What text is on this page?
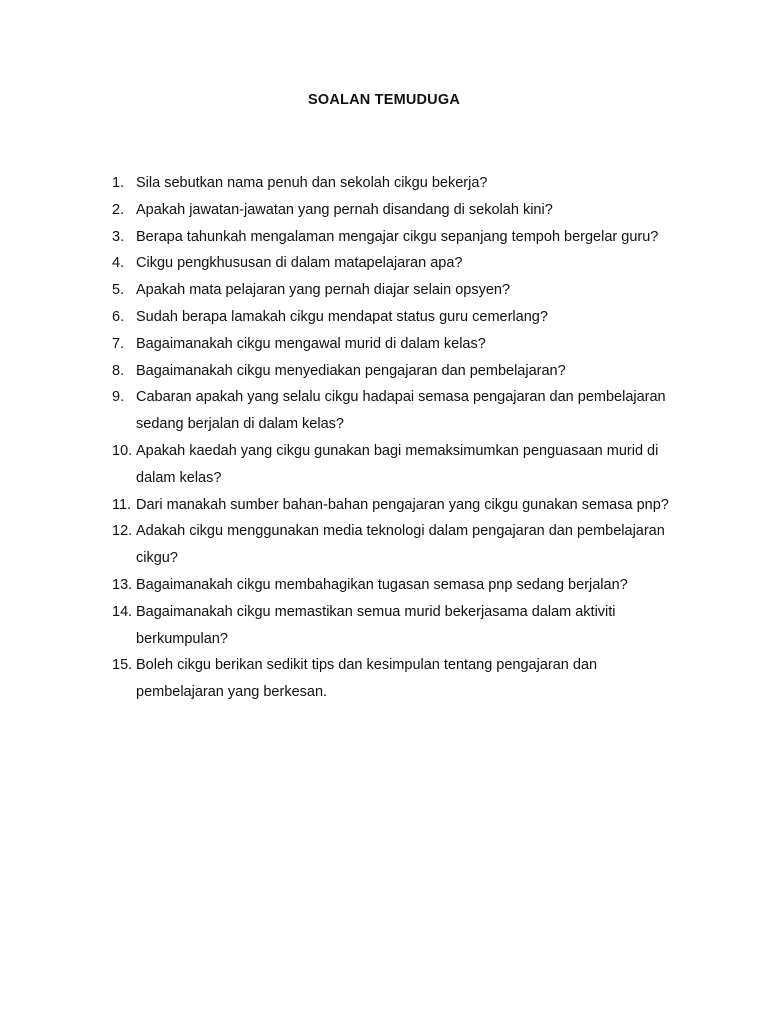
SOALAN TEMUDUGA
1. Sila sebutkan nama penuh dan sekolah cikgu bekerja?
2. Apakah jawatan-jawatan yang pernah disandang di sekolah kini?
3. Berapa tahunkah mengalaman mengajar cikgu sepanjang tempoh bergelar guru?
4. Cikgu pengkhususan di dalam matapelajaran apa?
5. Apakah mata pelajaran yang pernah diajar selain opsyen?
6. Sudah berapa lamakah cikgu mendapat status guru cemerlang?
7. Bagaimanakah cikgu mengawal murid di dalam kelas?
8. Bagaimanakah cikgu menyediakan pengajaran dan pembelajaran?
9. Cabaran apakah yang selalu cikgu hadapai semasa pengajaran dan pembelajaran sedang berjalan di dalam kelas?
10. Apakah kaedah yang cikgu gunakan bagi memaksimumkan penguasaan murid di dalam kelas?
11. Dari manakah sumber bahan-bahan pengajaran yang cikgu gunakan semasa pnp?
12. Adakah cikgu menggunakan media teknologi dalam pengajaran dan pembelajaran cikgu?
13. Bagaimanakah cikgu membahagikan tugasan semasa pnp sedang berjalan?
14. Bagaimanakah cikgu memastikan semua murid bekerjasama dalam aktiviti berkumpulan?
15. Boleh cikgu berikan sedikit tips dan kesimpulan tentang pengajaran dan pembelajaran yang berkesan.
